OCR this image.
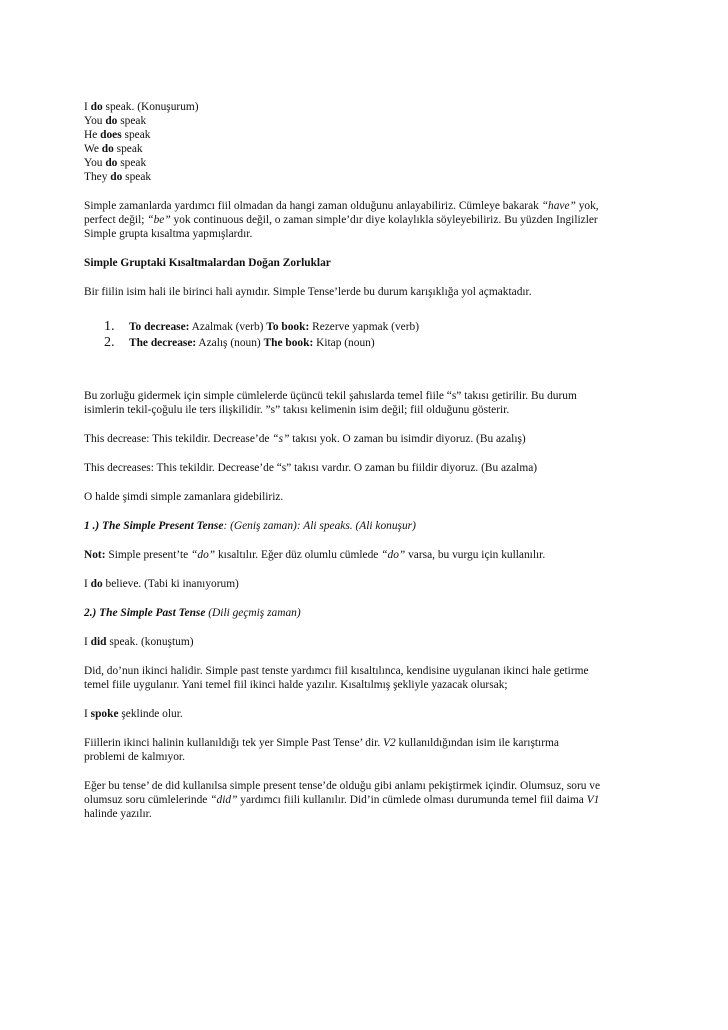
I do speak. (Konuşurum)
You do speak
He does speak
We do speak
You do speak
They do speak
Simple zamanlarda yardımcı fiil olmadan da hangi zaman olduğunu anlayabiliriz. Cümleye bakarak “have” yok,
perfect değil; “be” yok continuous değil, o zaman simple’dır diye kolaylıkla söyleyebiliriz. Bu yüzden Ingilizler
Simple grupta kısaltma yapmışlardır.
Simple Gruptaki Kısaltmalardan Doğan Zorluklar
Bir fiilin isim hali ile birinci hali aynıdır. Simple Tense’lerde bu durum karışıklığa yol açmaktadır.
1. To decrease: Azalmak (verb) To book: Rezerve yapmak (verb)
2. The decrease: Azalış (noun) The book: Kitap (noun)
Bu zorluğu gidermek için simple cümlelerde üçüncü tekil şahıslarda temel fiile “s” takısı getirilir. Bu durum
isimlerin tekil-çoğulu ile ters ilişkilidir. ”s” takısı kelimenin isim değil; fiil olduğunu gösterir.
This decrease: This tekildir. Decrease’de “s” takısı yok. O zaman bu isimdir diyoruz. (Bu azalış)
This decreases: This tekildir. Decrease’de “s” takısı vardır. O zaman bu fiildir diyoruz. (Bu azalma)
O halde şimdi simple zamanlara gidebiliriz.
1 .) The Simple Present Tense: (Geniş zaman): Ali speaks. (Ali konuşur)
Not: Simple present’te “do” kısaltılır. Eğer düz olumlu cümlede “do” varsa, bu vurgu için kullanılır.
I do believe. (Tabi ki inanıyorum)
2.) The Simple Past Tense (Dili geçmiş zaman)
I did speak. (konuştum)
Did, do’nun ikinci halidir. Simple past tenste yardımcı fiil kısaltılınca, kendisine uygulanan ikinci hale getirme
temel fiile uygulanır. Yani temel fiil ikinci halde yazılır. Kısaltılmış şekliyle yazacak olursak;
I spoke şeklinde olur.
Fiillerin ikinci halinin kullanıldığı tek yer Simple Past Tense’ dir. V2 kullanıldığından isim ile karıştırma
problemi de kalmıyor.
Eğer bu tense’ de did kullanılsa simple present tense’de olduğu gibi anlamı pekiştirmek içindir. Olumsuz, soru ve
olumsuz soru cümlelerinde “did” yardımcı fiili kullanılır. Did’in cümlede olması durumunda temel fiil daima V1
halinde yazılır.
